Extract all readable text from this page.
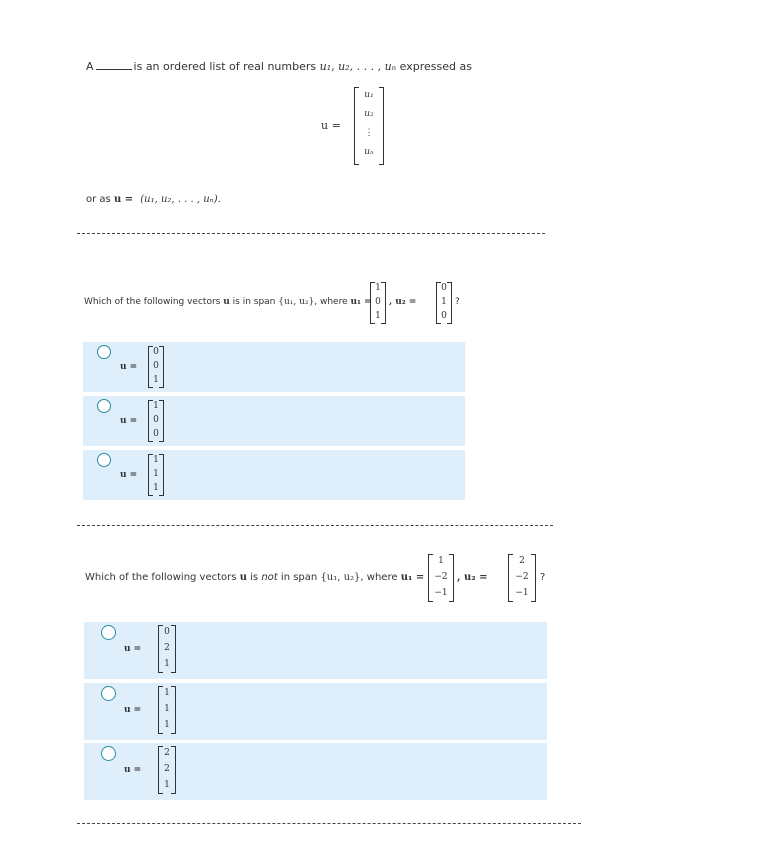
A	is an ordered list of real numbers u₁, u₂, . . . , uₙ expressed as
u =
u₁
u₂
⋮
uₙ
or as u = (u₁, u₂, . . . , uₙ).
Which of the following vectors u is in span {u₁, u₂}, where u₁ =
1
0
1
, u₂ =
0
1
0
?
u =
0
0
1
u =
1
0
0
u =
1
1
1
Which of the following vectors u is not in span {u₁, u₂}, where u₁ =
1
−2
−1
, u₂ =
2
−2
−1
?
u =
0
2
1
u =
1
1
1
u =
2
2
1
